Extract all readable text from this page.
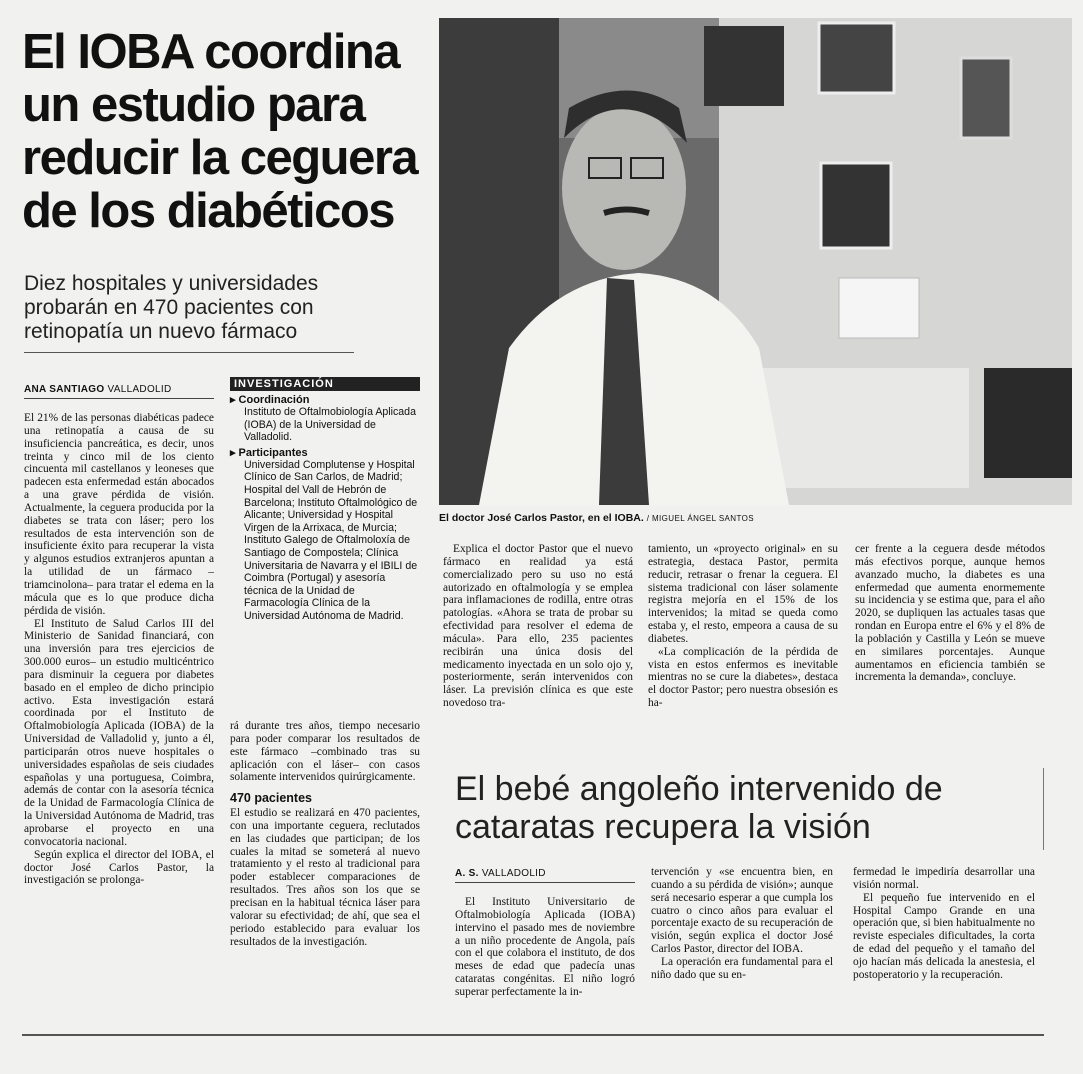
El IOBA coordina un estudio para reducir la ceguera de los diabéticos
Diez hospitales y universidades probarán en 470 pacientes con retinopatía un nuevo fármaco
ANA SANTIAGO VALLADOLID

El 21% de las personas diabéticas padece una retinopatía a causa de su insuficiencia pancreática, es decir, unos treinta y cinco mil de los ciento cincuenta mil castellanos y leoneses que padecen esta enfermedad están abocados a una grave pérdida de visión. Actualmente, la ceguera producida por la diabetes se trata con láser; pero los resultados de esta intervención son de insuficiente éxito para recuperar la vista y algunos estudios extranjeros apuntan a la utilidad de un fármaco –triamcinolona– para tratar el edema en la mácula que es lo que produce dicha pérdida de visión.

El Instituto de Salud Carlos III del Ministerio de Sanidad financiará, con una inversión para tres ejercicios de 300.000 euros– un estudio multicéntrico para disminuir la ceguera por diabetes basado en el empleo de dicho principio activo. Esta investigación estará coordinada por el Instituto de Oftalmobiología Aplicada (IOBA) de la Universidad de Valladolid y, junto a él, participarán otros nueve hospitales o universidades españolas de seis ciudades españolas y una portuguesa, Coimbra, además de contar con la asesoría técnica de la Unidad de Farmacología Clínica de la Universidad Autónoma de Madrid, tras aprobarse el proyecto en una convocatoria nacional.

Según explica el director del IOBA, el doctor José Carlos Pastor, la investigación se prolonga-

INVESTIGACIÓN
▸ Coordinación
Instituto de Oftalmobiología Aplicada (IOBA) de la Universidad de Valladolid.
▸ Participantes
Universidad Complutense y Hospital Clínico de San Carlos, de Madrid; Hospital del Vall de Hebrón de Barcelona; Instituto Oftalmológico de Alicante; Universidad y Hospital Virgen de la Arrixaca, de Murcia; Instituto Galego de Oftalmoloxía de Santiago de Compostela; Clínica Universitaria de Navarra y el IBILI de Coimbra (Portugal) y asesoría técnica de la Unidad de Farmacología Clínica de la Universidad Autónoma de Madrid.

rá durante tres años, tiempo necesario para poder comparar los resultados de este fármaco –combinado tras su aplicación con el láser– con casos solamente intervenidos quirúrgicamente.

470 pacientes

El estudio se realizará en 470 pacientes, con una importante ceguera, reclutados en las ciudades que participan; de los cuales la mitad se someterá al nuevo tratamiento y el resto al tradicional para poder establecer comparaciones de resultados. Tres años son los que se precisan en la habitual técnica láser para valorar su efectividad; de ahí, que sea el periodo establecido para evaluar los resultados de la investigación.

El doctor José Carlos Pastor, en el IOBA. / MIGUEL ÁNGEL SANTOS

Explica el doctor Pastor que el nuevo fármaco en realidad ya está comercializado pero su uso no está autorizado en oftalmología y se emplea para inflamaciones de rodilla, entre otras patologías. «Ahora se trata de probar su efectividad para resolver el edema de mácula». Para ello, 235 pacientes recibirán una única dosis del medicamento inyectada en un solo ojo y, posteriormente, serán intervenidos con láser. La previsión clínica es que este novedoso tra-

tamiento, un «proyecto original» en su estrategia, destaca Pastor, permita reducir, retrasar o frenar la ceguera. El sistema tradicional con láser solamente registra mejoría en el 15% de los intervenidos; la mitad se queda como estaba y, el resto, empeora a causa de su diabetes.

«La complicación de la pérdida de vista en estos enfermos es inevitable mientras no se cure la diabetes», destaca el doctor Pastor; pero nuestra obsesión es ha-

cer frente a la ceguera desde métodos más efectivos porque, aunque hemos avanzado mucho, la diabetes es una enfermedad que aumenta enormemente su incidencia y se estima que, para el año 2020, se dupliquen las actuales tasas que rondan en Europa entre el 6% y el 8% de la población y Castilla y León se mueve en similares porcentajes. Aunque aumentamos en eficiencia también se incrementa la demanda», concluye.

El bebé angoleño intervenido de cataratas recupera la visión
A. S. VALLADOLID

El Instituto Universitario de Oftalmobiología Aplicada (IOBA) intervino el pasado mes de noviembre a un niño procedente de Angola, país con el que colabora el instituto, de dos meses de edad que padecía unas cataratas congénitas. El niño logró superar perfectamente la in-

tervención y «se encuentra bien, en cuando a su pérdida de visión»; aunque será necesario esperar a que cumpla los cuatro o cinco años para evaluar el porcentaje exacto de su recuperación de visión, según explica el doctor José Carlos Pastor, director del IOBA.

La operación era fundamental para el niño dado que su en-

fermedad le impediría desarrollar una visión normal.

El pequeño fue intervenido en el Hospital Campo Grande en una operación que, si bien habitualmente no reviste especiales dificultades, la corta de edad del pequeño y el tamaño del ojo hacían más delicada la anestesia, el postoperatorio y la recuperación.
